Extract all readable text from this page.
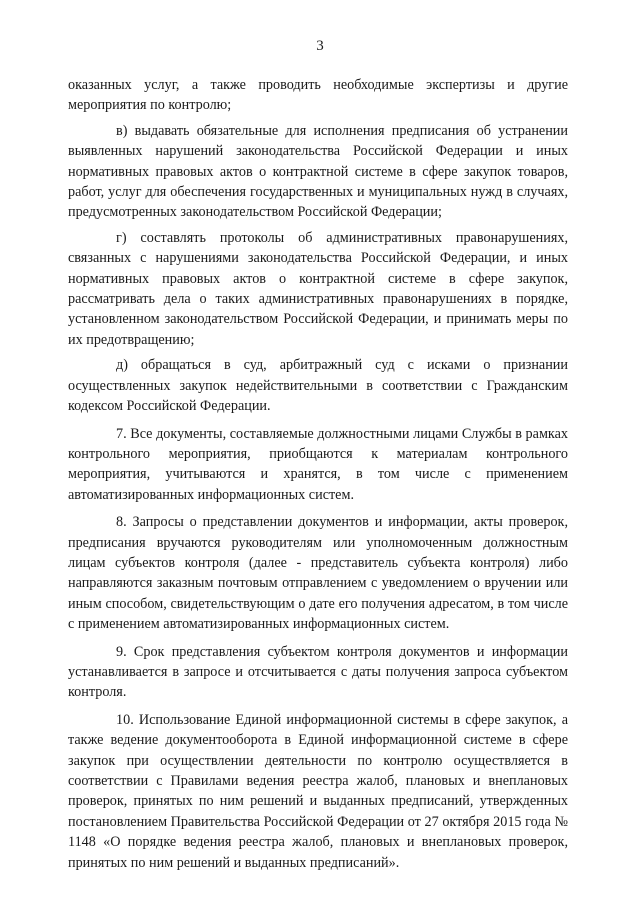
3

оказанных услуг, а также проводить необходимые экспертизы и другие мероприятия по контролю;

в) выдавать обязательные для исполнения предписания об устранении выявленных нарушений законодательства Российской Федерации и иных нормативных правовых актов о контрактной системе в сфере закупок товаров, работ, услуг для обеспечения государственных и муниципальных нужд в случаях, предусмотренных законодательством Российской Федерации;

г) составлять протоколы об административных правонарушениях, связанных с нарушениями законодательства Российской Федерации, и иных нормативных правовых актов о контрактной системе в сфере закупок, рассматривать дела о таких административных правонарушениях в порядке, установленном законодательством Российской Федерации, и принимать меры по их предотвращению;

д) обращаться в суд, арбитражный суд с исками о признании осуществленных закупок недействительными в соответствии с Гражданским кодексом Российской Федерации.

7. Все документы, составляемые должностными лицами Службы в рамках контрольного мероприятия, приобщаются к материалам контрольного мероприятия, учитываются и хранятся, в том числе с применением автоматизированных информационных систем.

8. Запросы о представлении документов и информации, акты проверок, предписания вручаются руководителям или уполномоченным должностным лицам субъектов контроля (далее - представитель субъекта контроля) либо направляются заказным почтовым отправлением с уведомлением о вручении или иным способом, свидетельствующим о дате его получения адресатом, в том числе с применением автоматизированных информационных систем.

9. Срок представления субъектом контроля документов и информации устанавливается в запросе и отсчитывается с даты получения запроса субъектом контроля.

10. Использование Единой информационной системы в сфере закупок, а также ведение документооборота в Единой информационной системе в сфере закупок при осуществлении деятельности по контролю осуществляется в соответствии с Правилами ведения реестра жалоб, плановых и внеплановых проверок, принятых по ним решений и выданных предписаний, утвержденных постановлением Правительства Российской Федерации от 27 октября 2015 года № 1148 «О порядке ведения реестра жалоб, плановых и внеплановых проверок, принятых по ним решений и выданных предписаний».
